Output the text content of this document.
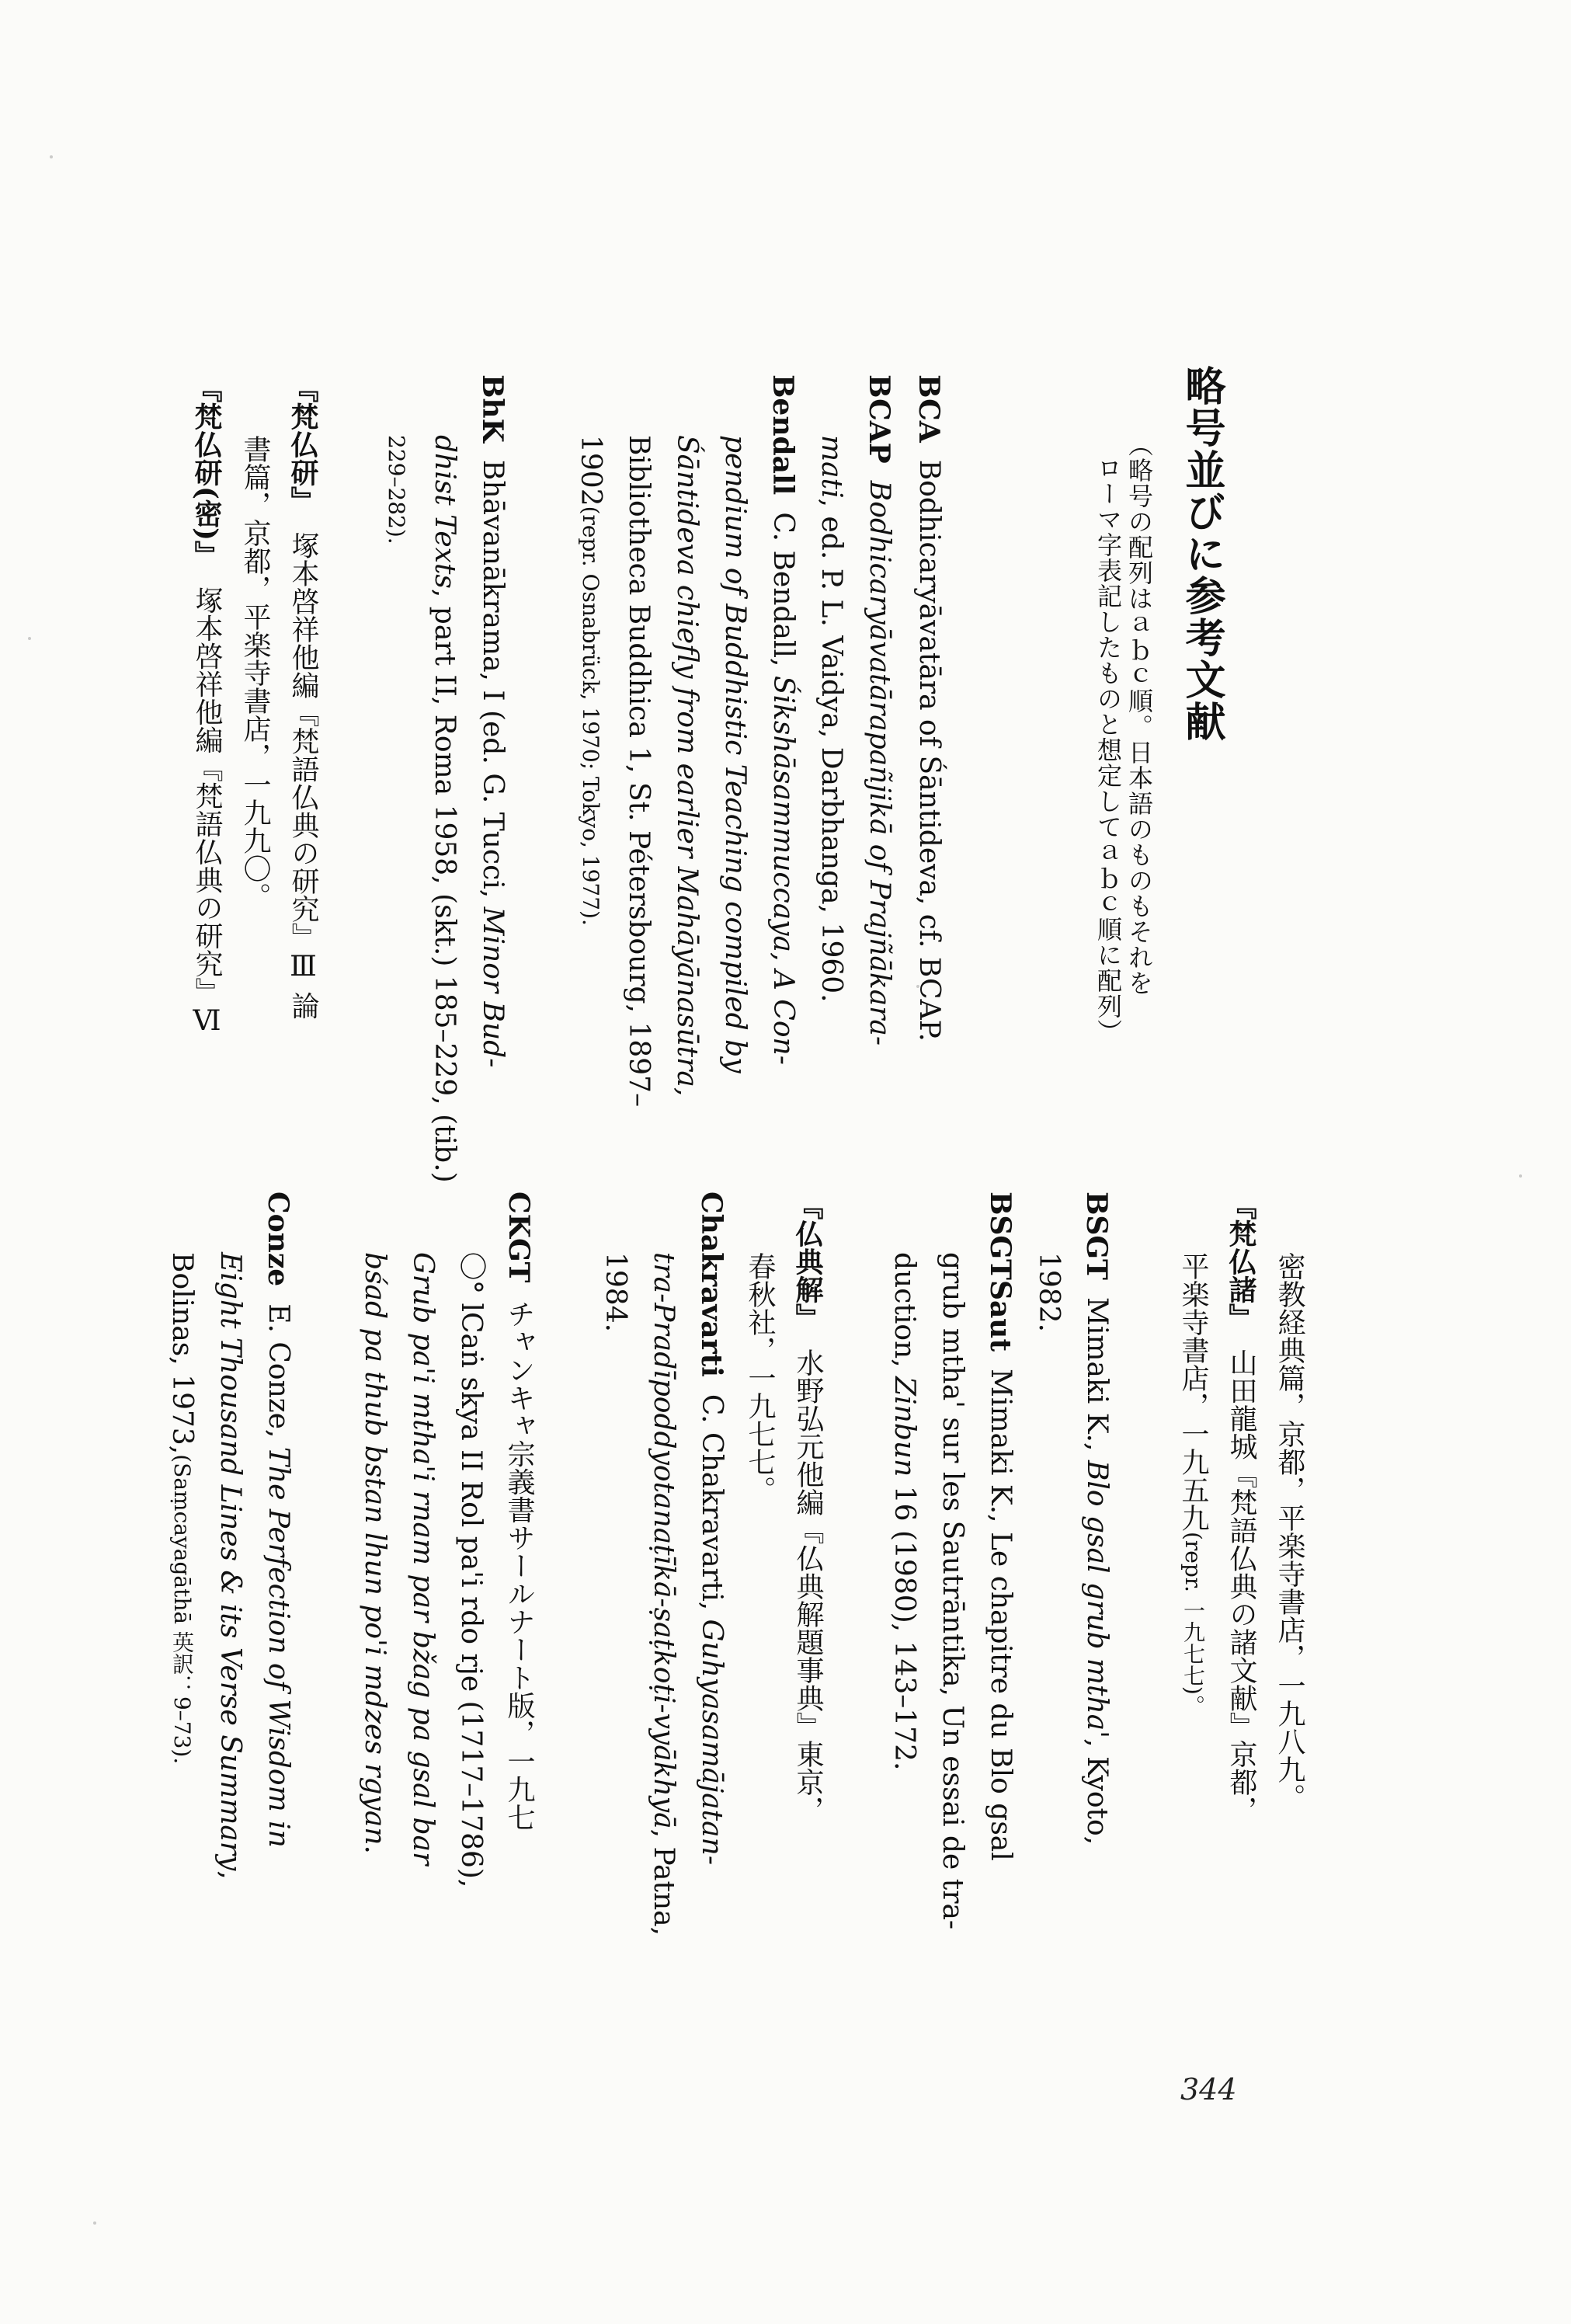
略号並びに参考文献
（略号の配列はａｂｃ順。日本語のものもそれを
ローマ字表記したものと想定してａｂｃ順に配列）
BCABodhicaryāvatāra of Śāntideva, cf. BCAP.
BCAPBodhicaryāvatārapañjikā of Prajñākara-
mati, ed. P. L. Vaidya, Darbhanga, 1960.
BendallC. Bendall, Śikshāsammuccaya, A Con-
pendium of Buddhistic Teaching compiled by
Śāntideva chiefly from earlier Mahāyānasūtra,
Bibliotheca Buddhica 1, St. Pétersbourg, 1897–
1902(repr. Osnabrück, 1970; Tokyo, 1977).
BhKBhāvanākrama, I (ed. G. Tucci, Minor Bud-
dhist Texts, part II, Roma 1958, (skt.) 185–229, (tib.)
229–282).
『梵仏研』塚本啓祥他編『梵語仏典の研究』Ⅲ 論
書篇，京都，平楽寺書店，一九九〇。
『梵仏研(密)』塚本啓祥他編『梵語仏典の研究』Ⅵ
密教経典篇，京都，平楽寺書店，一九八九。
『梵仏諸』山田龍城『梵語仏典の諸文献』京都，
平楽寺書店，一九五九(repr. 一九七七)。
BSGTMimaki K., Blo gsal grub mtha', Kyoto,
1982.
BSGTSautMimaki K., Le chapitre du Blo gsal
grub mtha' sur les Sautrāntika, Un essai de tra-
duction, Zinbun 16 (1980), 143–172.
『仏典解』水野弘元他編『仏典解題事典』東京，
春秋社，一九七七。
ChakravartiC. Chakravarti, Guhyasamājatan-
tra-Pradīpoddyotanaṭīkā-ṣaṭkoṭi-vyākhyā, Patna,
1984.
CKGTチャンキャ宗義書サールナート版，一九七
〇° lCaṅ skya II Rol pa'i rdo rje (1717–1786),
Grub pa'i mtha'i rnam par bžag pa gsal bar
bśad pa thub bstan lhun po'i mdzes rgyan.
ConzeE. Conze, The Perfection of Wisdom in
Eight Thousand Lines & its Verse Summary,
Bolinas, 1973,(Saṃcayagāthā 英訳：9–73).
344
